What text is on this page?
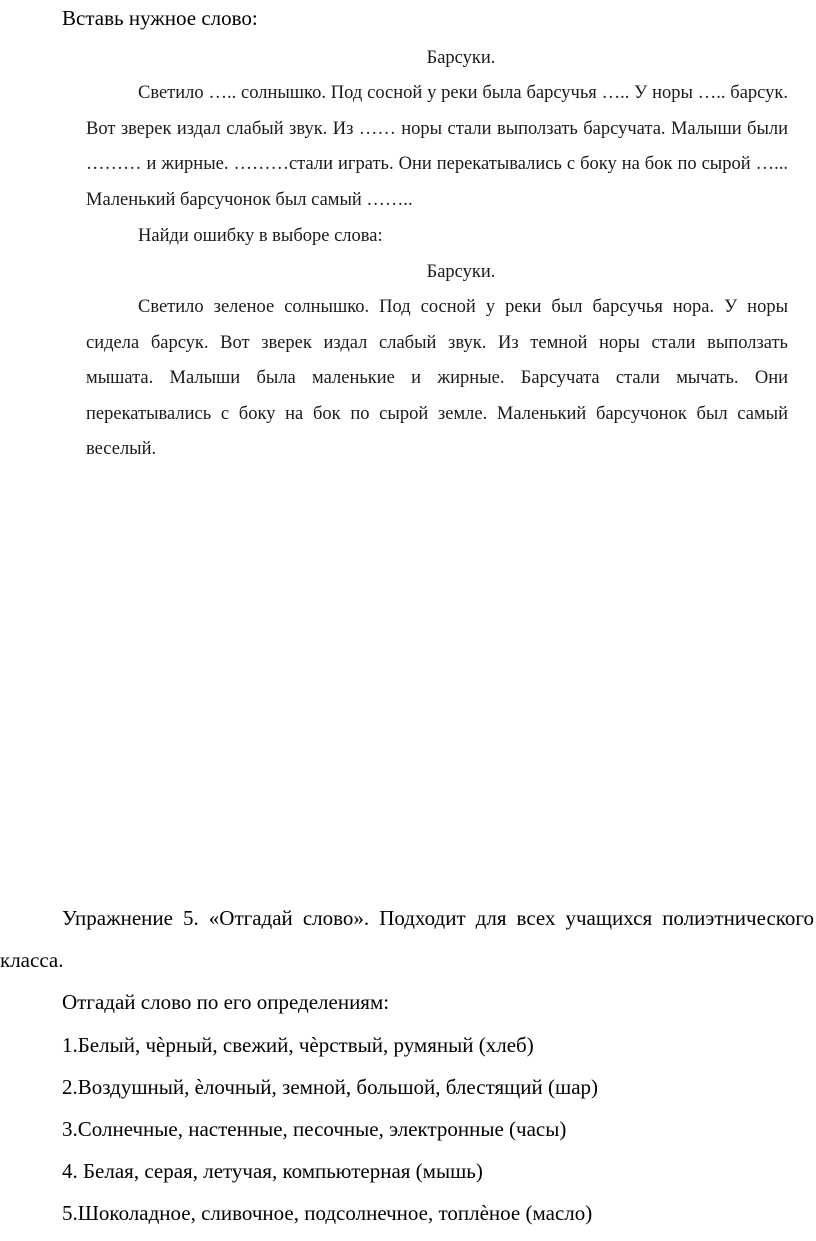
Вставь нужное слово:

Барсуки.

Светило ….. солнышко. Под сосной у реки была барсучья ….. У норы ….. барсук. Вот зверек издал слабый звук. Из …… норы стали выползать барсучата. Малыши были ……… и жирные. ………стали играть. Они перекатывались с боку на бок по сырой …... Маленький барсучонок был самый ……..

Найди ошибку в выборе слова:

Барсуки.

Светило зеленое солнышко. Под сосной у реки был барсучья нора. У норы сидела барсук. Вот зверек издал слабый звук. Из темной норы стали выползать мышата. Малыши была маленькие и жирные. Барсучата стали мычать. Они перекатывались с боку на бок по сырой земле. Маленький барсучонок был самый веселый.

Упражнение 5. «Отгадай слово». Подходит для всех учащихся полиэтнического класса.

Отгадай слово по его определениям:

1.Белый, чѐрный, свежий, чѐрствый, румяный (хлеб)

2.Воздушный, ѐлочный, земной, большой, блестящий (шар)

3.Солнечные, настенные, песочные, электронные (часы)

4. Белая, серая, летучая, компьютерная (мышь)

5.Шоколадное, сливочное, подсолнечное, топлѐное (масло)
